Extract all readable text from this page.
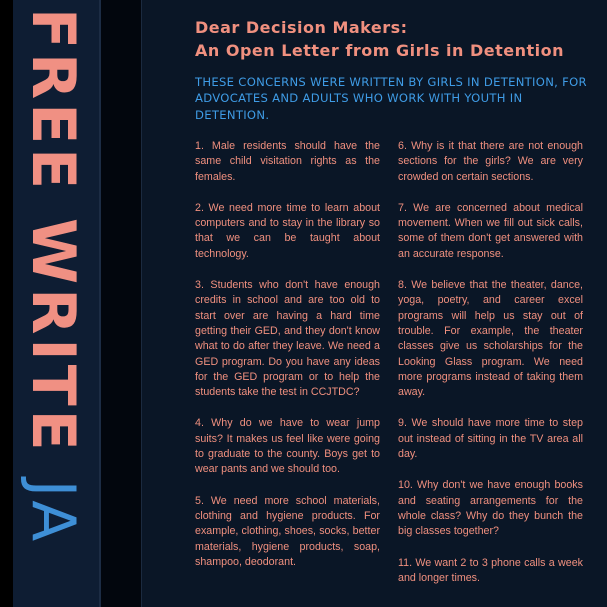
FREE WRITE JA
Dear Decision Makers:
An Open Letter from Girls in Detention
THESE CONCERNS WERE WRITTEN BY GIRLS IN DETENTION, FOR ADVOCATES AND ADULTS WHO WORK WITH YOUTH IN DETENTION.

1. Male residents should have the same child visitation rights as the females.

2. We need more time to learn about computers and to stay in the library so that we can be taught about technology.

3. Students who don't have enough credits in school and are too old to start over are having a hard time getting their GED, and they don't know what to do after they leave. We need a GED program. Do you have any ideas for the GED program or to help the students take the test in CCJTDC?

4. Why do we have to wear jump suits? It makes us feel like were going to graduate to the county. Boys get to wear pants and we should too.

5. We need more school materials, clothing and hygiene products. For example, clothing, shoes, socks, better materials, hygiene products, soap, shampoo, deodorant.

6. Why is it that there are not enough sections for the girls? We are very crowded on certain sections.

7. We are concerned about medical movement. When we fill out sick calls, some of them don't get answered with an accurate response.

8. We believe that the theater, dance, yoga, poetry, and career excel programs will help us stay out of trouble. For example, the theater classes give us scholarships for the Looking Glass program. We need more programs instead of taking them away.

9. We should have more time to step out instead of sitting in the TV area all day.

10. Why don't we have enough books and seating arrangements for the whole class? Why do they bunch the big classes together?

11. We want 2 to 3 phone calls a week and longer times.
